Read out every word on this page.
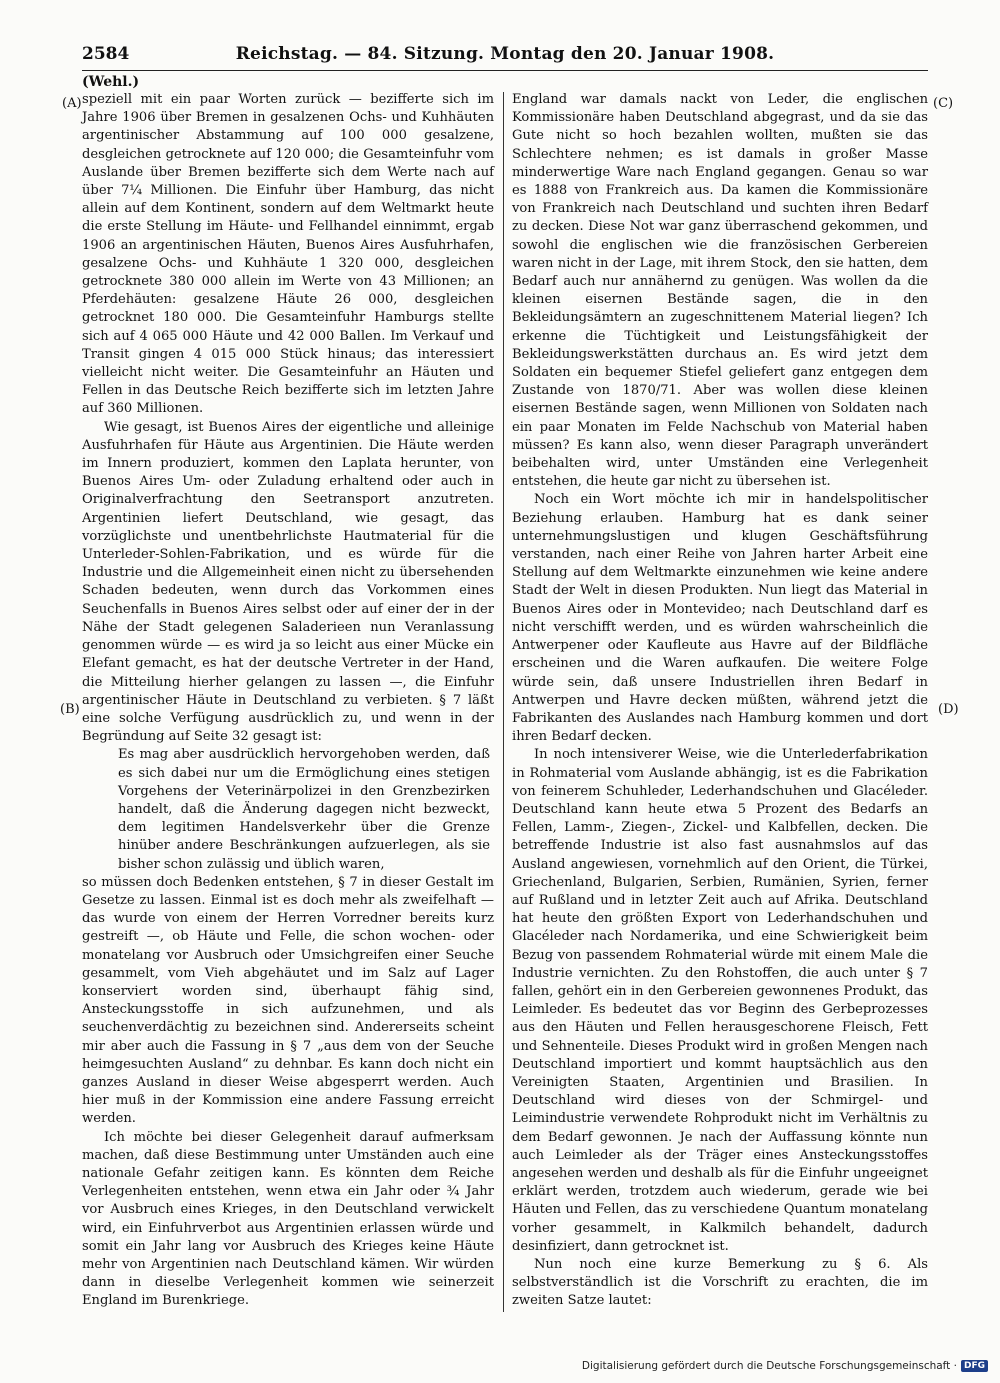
2584	Reichstag. — 84. Sitzung. Montag den 20. Januar 1908.
(Wehl.)
(A)
(B)
(C)
(D)

speziell mit ein paar Worten zurück — bezifferte sich im Jahre 1906 über Bremen in gesalzenen Ochs- und Kuhhäuten argentinischer Abstammung auf 100 000 gesalzene, desgleichen getrocknete auf 120 000; die Gesamteinfuhr vom Auslande über Bremen bezifferte sich dem Werte nach auf über 7¼ Millionen. Die Einfuhr über Hamburg, das nicht allein auf dem Kontinent, sondern auf dem Weltmarkt heute die erste Stellung im Häute- und Fellhandel einnimmt, ergab 1906 an argentinischen Häuten, Buenos Aires Ausfuhrhafen, gesalzene Ochs- und Kuhhäute 1 320 000, desgleichen getrocknete 380 000 allein im Werte von 43 Millionen; an Pferdehäuten: gesalzene Häute 26 000, desgleichen getrocknet 180 000. Die Gesamteinfuhr Hamburgs stellte sich auf 4 065 000 Häute und 42 000 Ballen. Im Verkauf und Transit gingen 4 015 000 Stück hinaus; das interessiert vielleicht nicht weiter. Die Gesamteinfuhr an Häuten und Fellen in das Deutsche Reich bezifferte sich im letzten Jahre auf 360 Millionen.

Wie gesagt, ist Buenos Aires der eigentliche und alleinige Ausfuhrhafen für Häute aus Argentinien. Die Häute werden im Innern produziert, kommen den Laplata herunter, von Buenos Aires Um- oder Zuladung erhaltend oder auch in Originalverfrachtung den Seetransport anzutreten. Argentinien liefert Deutschland, wie gesagt, das vorzüglichste und unentbehrlichste Hautmaterial für die Unterleder-Sohlen-Fabrikation, und es würde für die Industrie und die Allgemeinheit einen nicht zu übersehenden Schaden bedeuten, wenn durch das Vorkommen eines Seuchenfalls in Buenos Aires selbst oder auf einer der in der Nähe der Stadt gelegenen Saladerieen nun Veranlassung genommen würde — es wird ja so leicht aus einer Mücke ein Elefant gemacht, es hat der deutsche Vertreter in der Hand, die Mitteilung hierher gelangen zu lassen —, die Einfuhr argentinischer Häute in Deutschland zu verbieten. § 7 läßt eine solche Verfügung ausdrücklich zu, und wenn in der Begründung auf Seite 32 gesagt ist:

Es mag aber ausdrücklich hervorgehoben werden, daß es sich dabei nur um die Ermöglichung eines stetigen Vorgehens der Veterinärpolizei in den Grenzbezirken handelt, daß die Änderung dagegen nicht bezweckt, dem legitimen Handelsverkehr über die Grenze hinüber andere Beschränkungen aufzuerlegen, als sie bisher schon zulässig und üblich waren,

so müssen doch Bedenken entstehen, § 7 in dieser Gestalt im Gesetze zu lassen. Einmal ist es doch mehr als zweifelhaft — das wurde von einem der Herren Vorredner bereits kurz gestreift —, ob Häute und Felle, die schon wochen- oder monatelang vor Ausbruch oder Umsichgreifen einer Seuche gesammelt, vom Vieh abgehäutet und im Salz auf Lager konserviert worden sind, überhaupt fähig sind, Ansteckungsstoffe in sich aufzunehmen, und als seuchenverdächtig zu bezeichnen sind. Andererseits scheint mir aber auch die Fassung in § 7 „aus dem von der Seuche heimgesuchten Ausland“ zu dehnbar. Es kann doch nicht ein ganzes Ausland in dieser Weise abgesperrt werden. Auch hier muß in der Kommission eine andere Fassung erreicht werden.

Ich möchte bei dieser Gelegenheit darauf aufmerksam machen, daß diese Bestimmung unter Umständen auch eine nationale Gefahr zeitigen kann. Es könnten dem Reiche Verlegenheiten entstehen, wenn etwa ein Jahr oder ¾ Jahr vor Ausbruch eines Krieges, in den Deutschland verwickelt wird, ein Einfuhrverbot aus Argentinien erlassen würde und somit ein Jahr lang vor Ausbruch des Krieges keine Häute mehr von Argentinien nach Deutschland kämen. Wir würden dann in dieselbe Verlegenheit kommen wie seinerzeit England im Burenkriege.

England war damals nackt von Leder, die englischen Kommissionäre haben Deutschland abgegrast, und da sie das Gute nicht so hoch bezahlen wollten, mußten sie das Schlechtere nehmen; es ist damals in großer Masse minderwertige Ware nach England gegangen. Genau so war es 1888 von Frankreich aus. Da kamen die Kommissionäre von Frankreich nach Deutschland und suchten ihren Bedarf zu decken. Diese Not war ganz überraschend gekommen, und sowohl die englischen wie die französischen Gerbereien waren nicht in der Lage, mit ihrem Stock, den sie hatten, dem Bedarf auch nur annähernd zu genügen. Was wollen da die kleinen eisernen Bestände sagen, die in den Bekleidungsämtern an zugeschnittenem Material liegen? Ich erkenne die Tüchtigkeit und Leistungsfähigkeit der Bekleidungswerkstätten durchaus an. Es wird jetzt dem Soldaten ein bequemer Stiefel geliefert ganz entgegen dem Zustande von 1870/71. Aber was wollen diese kleinen eisernen Bestände sagen, wenn Millionen von Soldaten nach ein paar Monaten im Felde Nachschub von Material haben müssen? Es kann also, wenn dieser Paragraph unverändert beibehalten wird, unter Umständen eine Verlegenheit entstehen, die heute gar nicht zu übersehen ist.

Noch ein Wort möchte ich mir in handelspolitischer Beziehung erlauben. Hamburg hat es dank seiner unternehmungslustigen und klugen Geschäftsführung verstanden, nach einer Reihe von Jahren harter Arbeit eine Stellung auf dem Weltmarkte einzunehmen wie keine andere Stadt der Welt in diesen Produkten. Nun liegt das Material in Buenos Aires oder in Montevideo; nach Deutschland darf es nicht verschifft werden, und es würden wahrscheinlich die Antwerpener oder Kaufleute aus Havre auf der Bildfläche erscheinen und die Waren aufkaufen. Die weitere Folge würde sein, daß unsere Industriellen ihren Bedarf in Antwerpen und Havre decken müßten, während jetzt die Fabrikanten des Auslandes nach Hamburg kommen und dort ihren Bedarf decken.

In noch intensiverer Weise, wie die Unterlederfabrikation in Rohmaterial vom Auslande abhängig, ist es die Fabrikation von feinerem Schuhleder, Lederhandschuhen und Glacéleder. Deutschland kann heute etwa 5 Prozent des Bedarfs an Fellen, Lamm-, Ziegen-, Zickel- und Kalbfellen, decken. Die betreffende Industrie ist also fast ausnahmslos auf das Ausland angewiesen, vornehmlich auf den Orient, die Türkei, Griechenland, Bulgarien, Serbien, Rumänien, Syrien, ferner auf Rußland und in letzter Zeit auch auf Afrika. Deutschland hat heute den größten Export von Lederhandschuhen und Glacéleder nach Nordamerika, und eine Schwierigkeit beim Bezug von passendem Rohmaterial würde mit einem Male die Industrie vernichten. Zu den Rohstoffen, die auch unter § 7 fallen, gehört ein in den Gerbereien gewonnenes Produkt, das Leimleder. Es bedeutet das vor Beginn des Gerbeprozesses aus den Häuten und Fellen herausgeschorene Fleisch, Fett und Sehnenteile. Dieses Produkt wird in großen Mengen nach Deutschland importiert und kommt hauptsächlich aus den Vereinigten Staaten, Argentinien und Brasilien. In Deutschland wird dieses von der Schmirgel- und Leimindustrie verwendete Rohprodukt nicht im Verhältnis zu dem Bedarf gewonnen. Je nach der Auffassung könnte nun auch Leimleder als der Träger eines Ansteckungsstoffes angesehen werden und deshalb als für die Einfuhr ungeeignet erklärt werden, trotzdem auch wiederum, gerade wie bei Häuten und Fellen, das zu verschiedene Quantum monatelang vorher gesammelt, in Kalkmilch behandelt, dadurch desinfiziert, dann getrocknet ist.

Nun noch eine kurze Bemerkung zu § 6. Als selbstverständlich ist die Vorschrift zu erachten, die im zweiten Satze lautet:

Digitalisierung gefördert durch die Deutsche Forschungsgemeinschaft · DFG
